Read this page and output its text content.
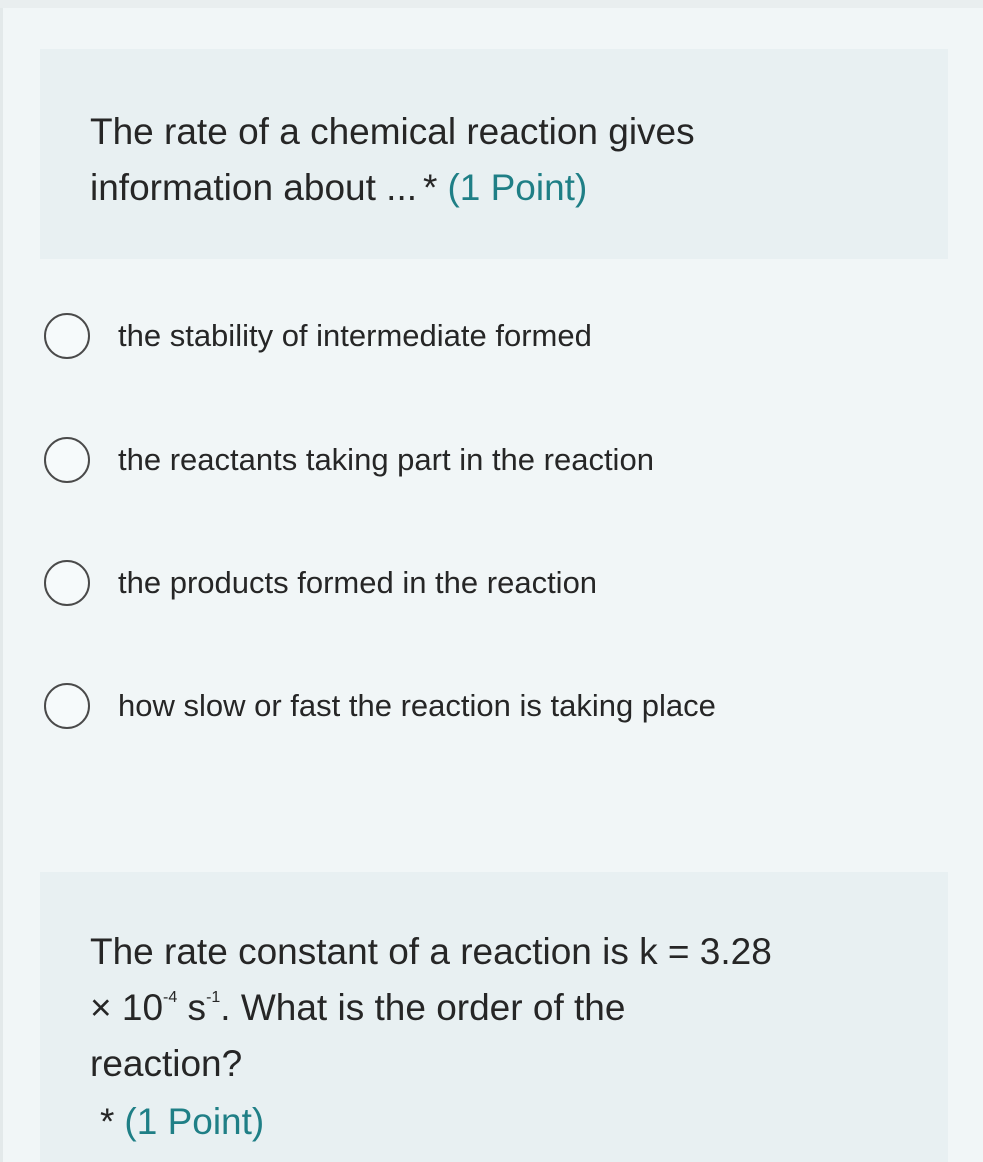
The rate of a chemical reaction gives
information about ... * (1 Point)
the stability of intermediate formed
the reactants taking part in the reaction
the products formed in the reaction
how slow or fast the reaction is taking place
The rate constant of a reaction is k = 3.28
× $10^{-4}$ $s^{-1}$. What is the order of the
reaction?
* (1 Point)
